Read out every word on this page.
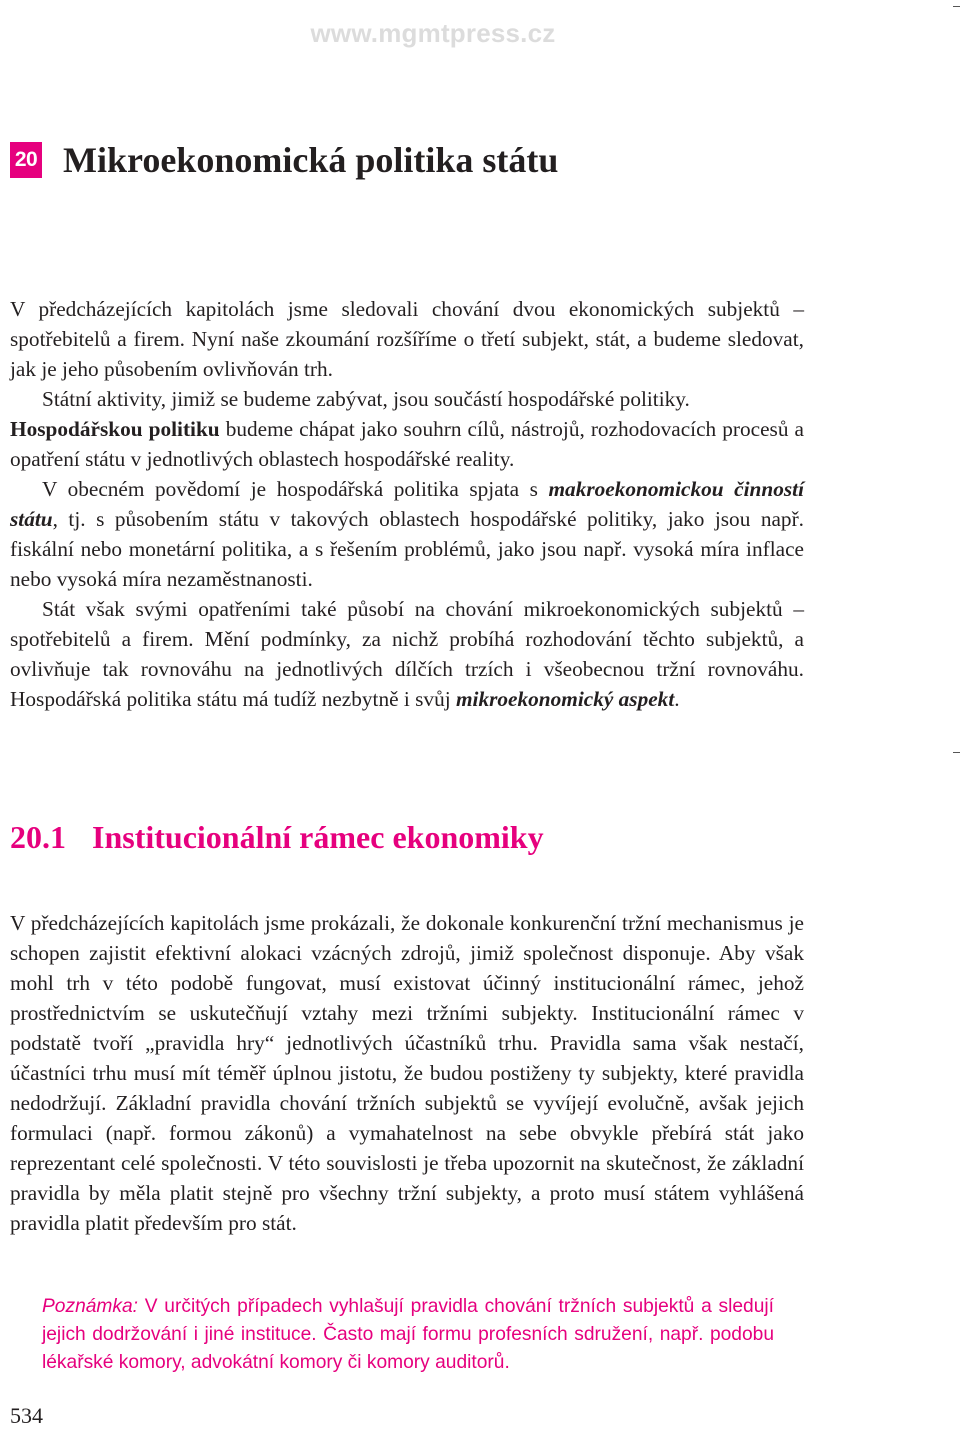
www.mgmtpress.cz
20 Mikroekonomická politika státu

V předcházejících kapitolách jsme sledovali chování dvou ekonomických subjektů – spotřebitelů a firem. Nyní naše zkoumání rozšíříme o třetí subjekt, stát, a budeme sledovat, jak je jeho působením ovlivňován trh.

Státní aktivity, jimiž se budeme zabývat, jsou součástí hospodářské politiky.

Hospodářskou politiku budeme chápat jako souhrn cílů, nástrojů, rozhodovacích procesů a opatření státu v jednotlivých oblastech hospodářské reality.

V obecném povědomí je hospodářská politika spjata s makroekonomickou činností státu, tj. s působením státu v takových oblastech hospodářské politiky, jako jsou např. fiskální nebo monetární politika, a s řešením problémů, jako jsou např. vysoká míra inflace nebo vysoká míra nezaměstnanosti.

Stát však svými opatřeními také působí na chování mikroekonomických subjektů – spotřebitelů a firem. Mění podmínky, za nichž probíhá rozhodování těchto subjektů, a ovlivňuje tak rovnováhu na jednotlivých dílčích trzích i všeobecnou tržní rovnováhu. Hospodářská politika státu má tudíž nezbytně i svůj mikroekonomický aspekt.

20.1 Institucionální rámec ekonomiky

V předcházejících kapitolách jsme prokázali, že dokonale konkurenční tržní mechanismus je schopen zajistit efektivní alokaci vzácných zdrojů, jimiž společnost disponuje. Aby však mohl trh v této podobě fungovat, musí existovat účinný institucionální rámec, jehož prostřednictvím se uskutečňují vztahy mezi tržními subjekty. Institucionální rámec v podstatě tvoří „pravidla hry“ jednotlivých účastníků trhu. Pravidla sama však nestačí, účastníci trhu musí mít téměř úplnou jistotu, že budou postiženy ty subjekty, které pravidla nedodržují. Základní pravidla chování tržních subjektů se vyvíjejí evolučně, avšak jejich formulaci (např. formou zákonů) a vymahatelnost na sebe obvykle přebírá stát jako reprezentant celé společnosti. V této souvislosti je třeba upozornit na skutečnost, že základní pravidla by měla platit stejně pro všechny tržní subjekty, a proto musí státem vyhlášená pravidla platit především pro stát.

Poznámka: V určitých případech vyhlašují pravidla chování tržních subjektů a sledují jejich dodržování i jiné instituce. Často mají formu profesních sdružení, např. podobu lékařské komory, advokátní komory či komory auditorů.
534
